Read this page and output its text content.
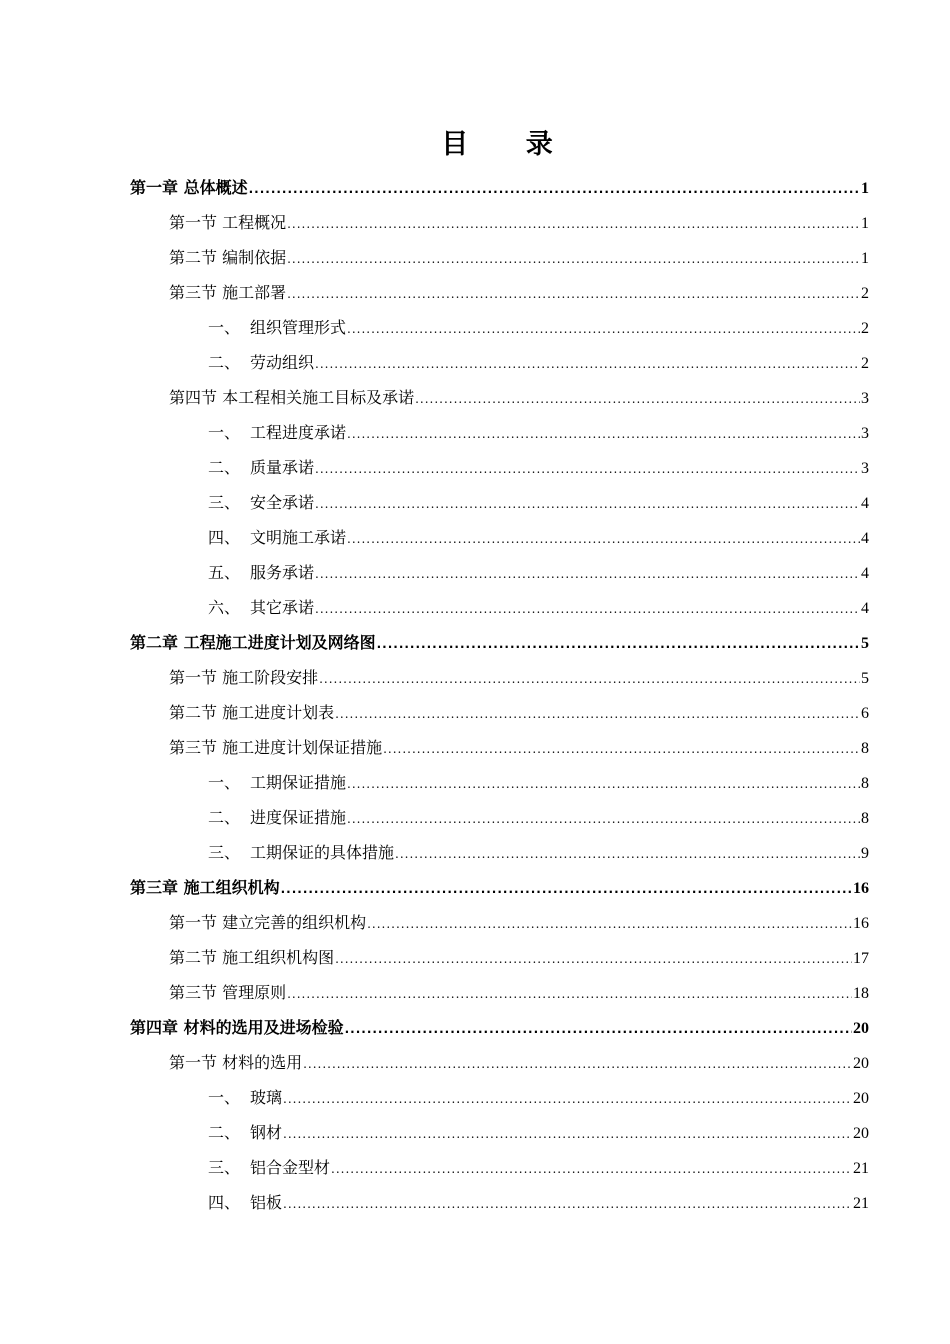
目 录
第一章 总体概述 .....	1
第一节 工程概况 .....	1
第二节 编制依据 .....	1
第三节 施工部署 .....	2
一、 组织管理形式 .....	2
二、 劳动组织 .....	2
第四节 本工程相关施工目标及承诺 .....	3
一、 工程进度承诺 .....	3
二、 质量承诺 .....	3
三、 安全承诺 .....	4
四、 文明施工承诺 .....	4
五、 服务承诺 .....	4
六、 其它承诺 .....	4
第二章 工程施工进度计划及网络图 .....	5
第一节 施工阶段安排 .....	5
第二节 施工进度计划表 .....	6
第三节 施工进度计划保证措施 .....	8
一、 工期保证措施 .....	8
二、 进度保证措施 .....	8
三、 工期保证的具体措施 .....	9
第三章 施工组织机构 .....	16
第一节 建立完善的组织机构 .....	16
第二节 施工组织机构图 .....	17
第三节 管理原则 .....	18
第四章 材料的选用及进场检验 .....	20
第一节 材料的选用 .....	20
一、 玻璃 .....	20
二、 钢材 .....	20
三、 铝合金型材 .....	21
四、 铝板 .....	21
